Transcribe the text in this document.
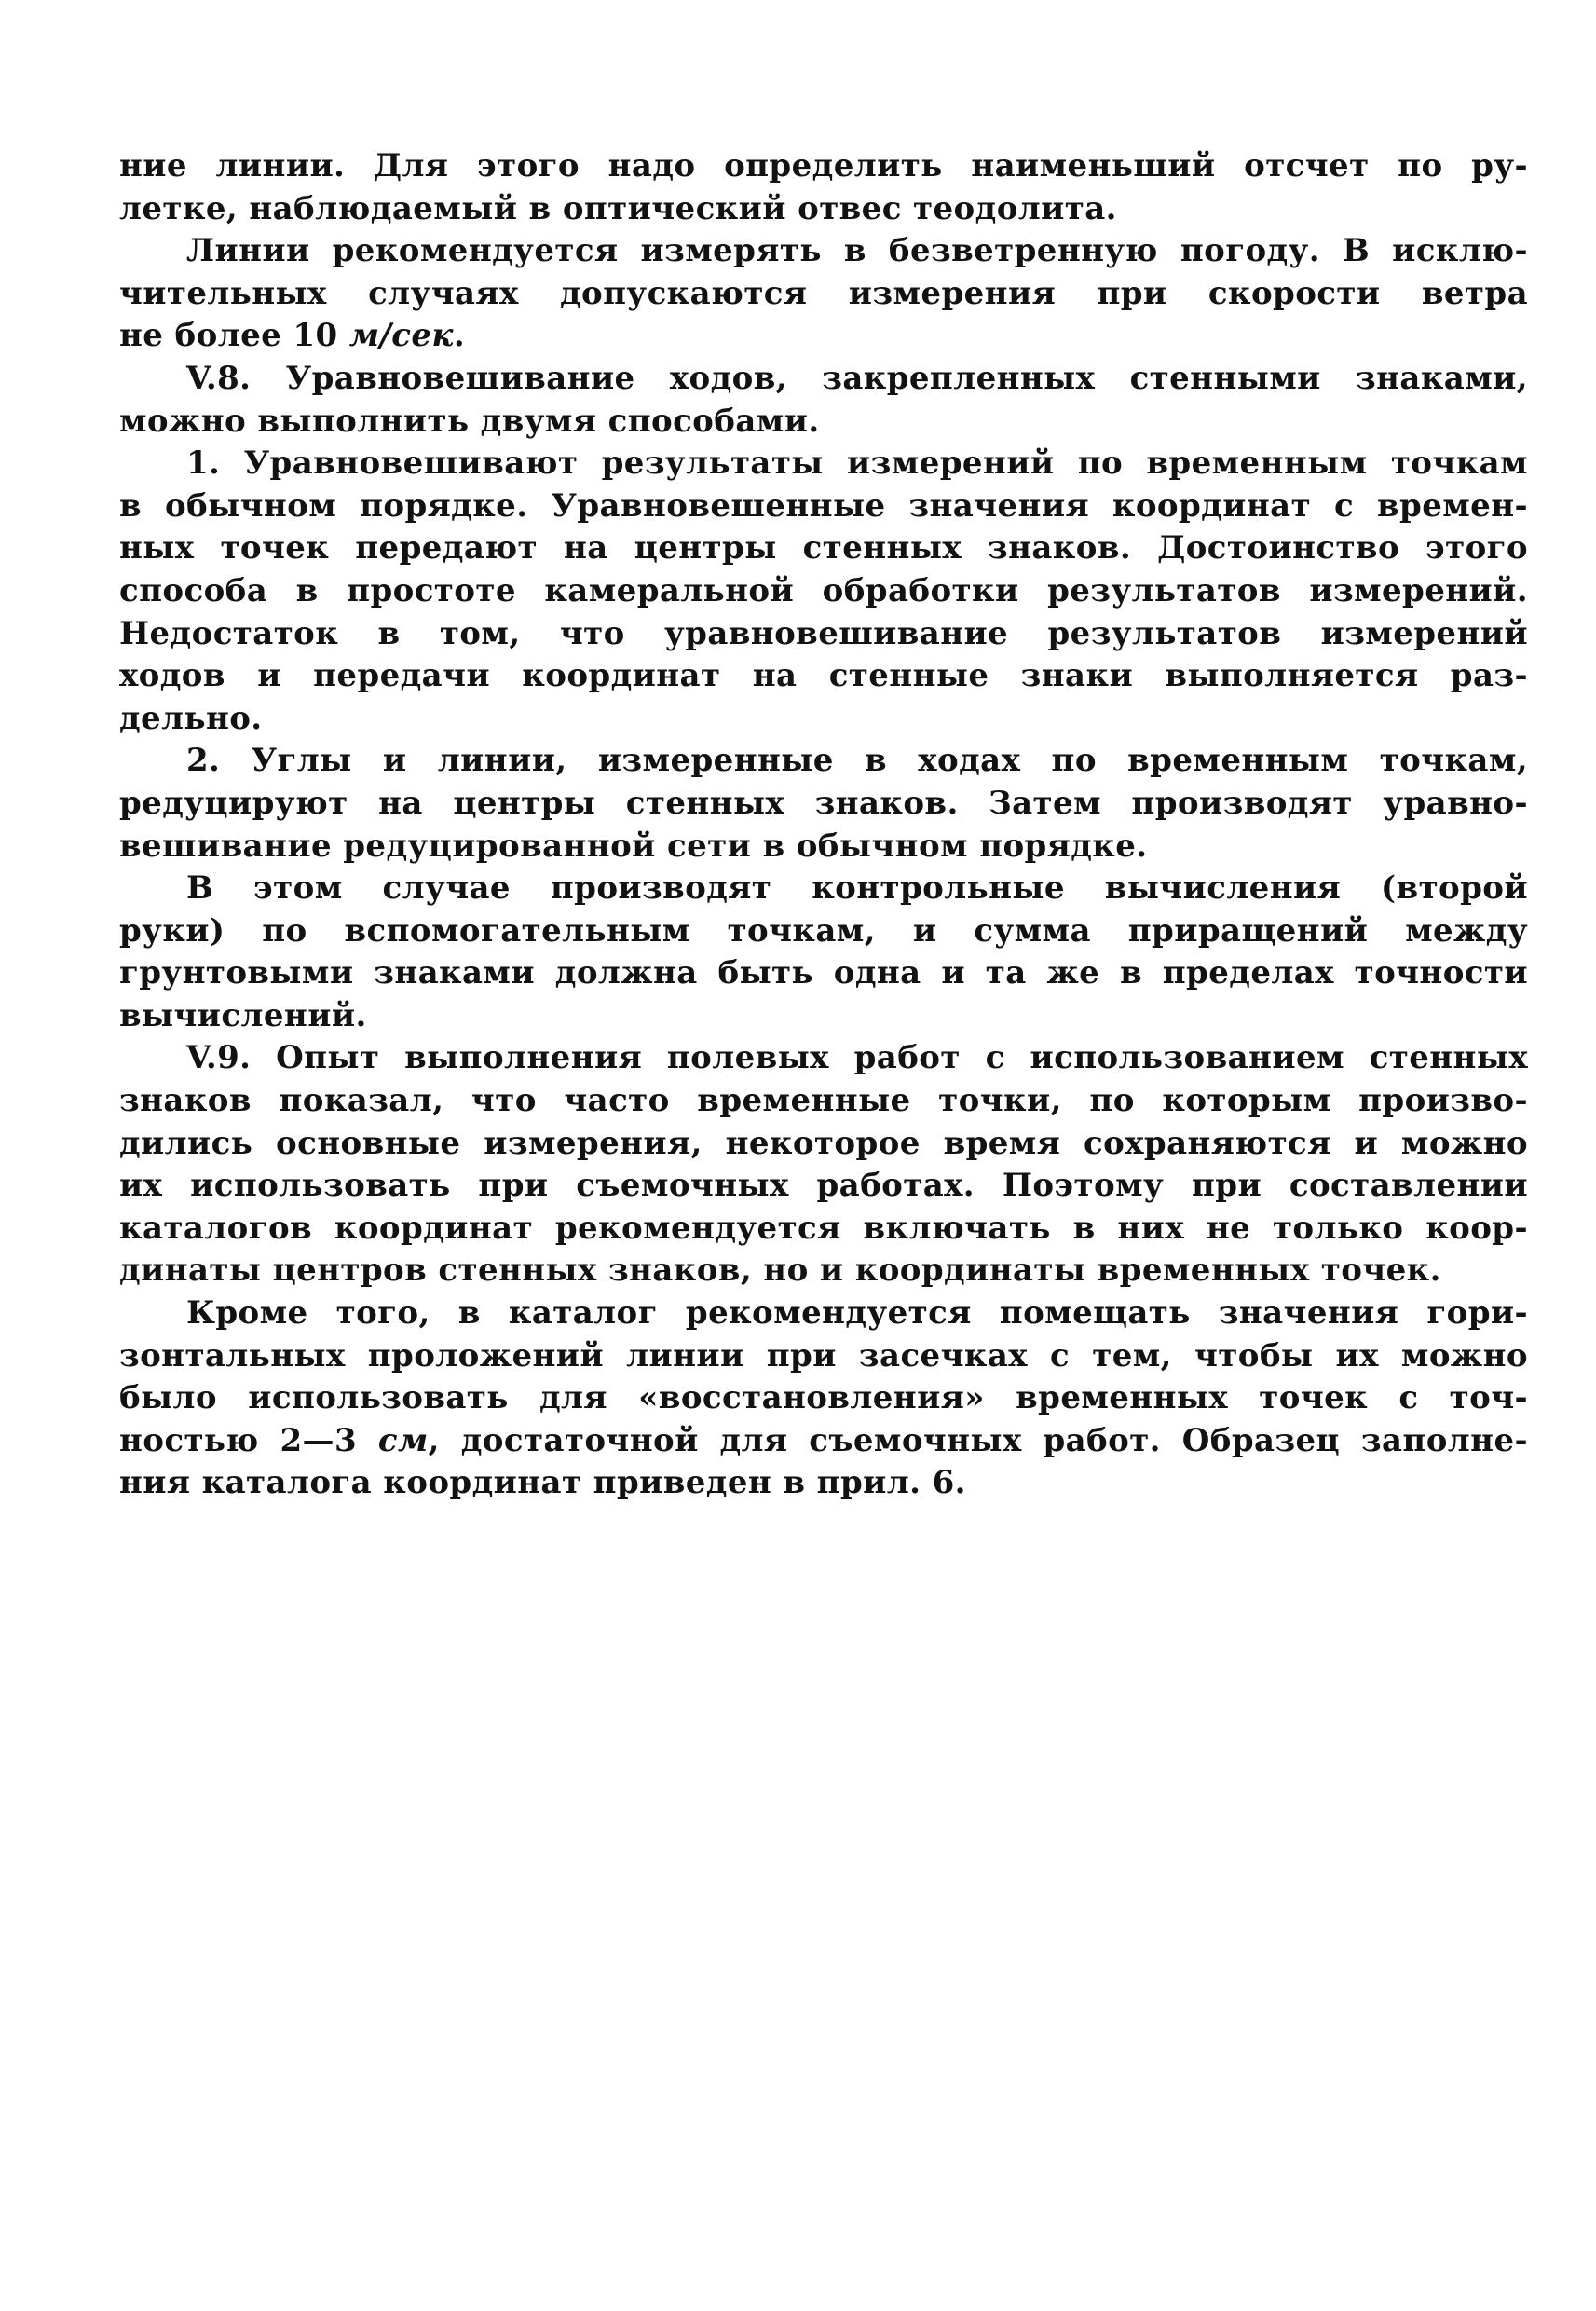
ние линии. Для этого надо определить наименьший отсчет по ру-
летке, наблюдаемый в оптический отвес теодолита.
Линии рекомендуется измерять в безветренную погоду. В исклю-
чительных случаях допускаются измерения при скорости ветра
не более 10 м/сек.
V.8. Уравновешивание ходов, закрепленных стенными знаками,
можно выполнить двумя способами.
1. Уравновешивают результаты измерений по временным точкам
в обычном порядке. Уравновешенные значения координат с времен-
ных точек передают на центры стенных знаков. Достоинство этого
способа в простоте камеральной обработки результатов измерений.
Недостаток в том, что уравновешивание результатов измерений
ходов и передачи координат на стенные знаки выполняется раз-
дельно.
2. Углы и линии, измеренные в ходах по временным точкам,
редуцируют на центры стенных знаков. Затем производят уравно-
вешивание редуцированной сети в обычном порядке.
В этом случае производят контрольные вычисления (второй
руки) по вспомогательным точкам, и сумма приращений между
грунтовыми знаками должна быть одна и та же в пределах точности
вычислений.
V.9. Опыт выполнения полевых работ с использованием стенных
знаков показал, что часто временные точки, по которым произво-
дились основные измерения, некоторое время сохраняются и можно
их использовать при съемочных работах. Поэтому при составлении
каталогов координат рекомендуется включать в них не только коор-
динаты центров стенных знаков, но и координаты временных точек.
Кроме того, в каталог рекомендуется помещать значения гори-
зонтальных проложений линии при засечках с тем, чтобы их можно
было использовать для «восстановления» временных точек с точ-
ностью 2—3 см, достаточной для съемочных работ. Образец заполне-
ния каталога координат приведен в прил. 6.
